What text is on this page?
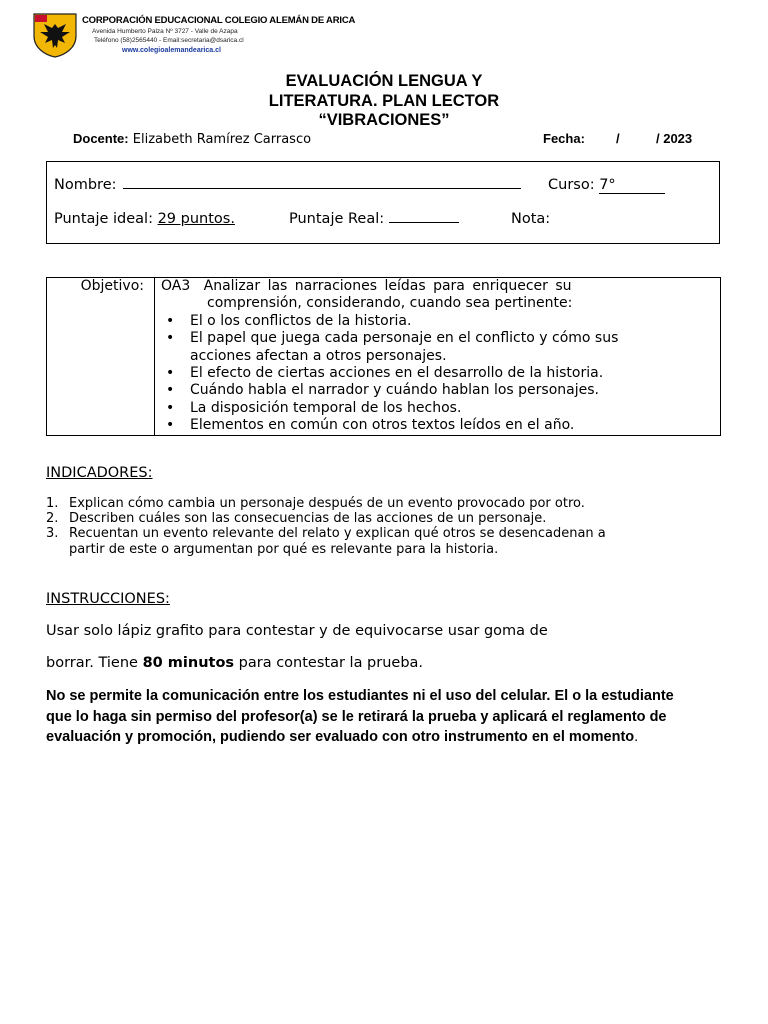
DS
CORPORACIÓN EDUCACIONAL COLEGIO ALEMÁN DE ARICA
Avenida Humberto Palza Nº 3727 - Valle de Azapa
Teléfono (58)2565440 - Email:secretaria@dsarica.cl
www.colegioalemandearica.cl
EVALUACIÓN LENGUA Y
LITERATURA. PLAN LECTOR
“VIBRACIONES”
Docente: Elizabeth Ramírez Carrasco	Fecha: /	/ 2023
Nombre:	Curso: 7°
Puntaje ideal: 29 puntos.	Puntaje Real:	Nota:
Objetivo:	OA3 Analizar las narraciones leídas para enriquecer su
comprensión, considerando, cuando sea pertinente:
• El o los conflictos de la historia.
• El papel que juega cada personaje en el conflicto y cómo sus
acciones afectan a otros personajes.
• El efecto de ciertas acciones en el desarrollo de la historia.
• Cuándo habla el narrador y cuándo hablan los personajes.
• La disposición temporal de los hechos.
• Elementos en común con otros textos leídos en el año.
INDICADORES:
1. Explican cómo cambia un personaje después de un evento provocado por otro.
2. Describen cuáles son las consecuencias de las acciones de un personaje.
3. Recuentan un evento relevante del relato y explican qué otros se desencadenan a
partir de este o argumentan por qué es relevante para la historia.
INSTRUCCIONES:
Usar solo lápiz grafito para contestar y de equivocarse usar goma de
borrar. Tiene 80 minutos para contestar la prueba.
No se permite la comunicación entre los estudiantes ni el uso del celular. El o la estudiante
que lo haga sin permiso del profesor(a) se le retirará la prueba y aplicará el reglamento de
evaluación y promoción, pudiendo ser evaluado con otro instrumento en el momento.
